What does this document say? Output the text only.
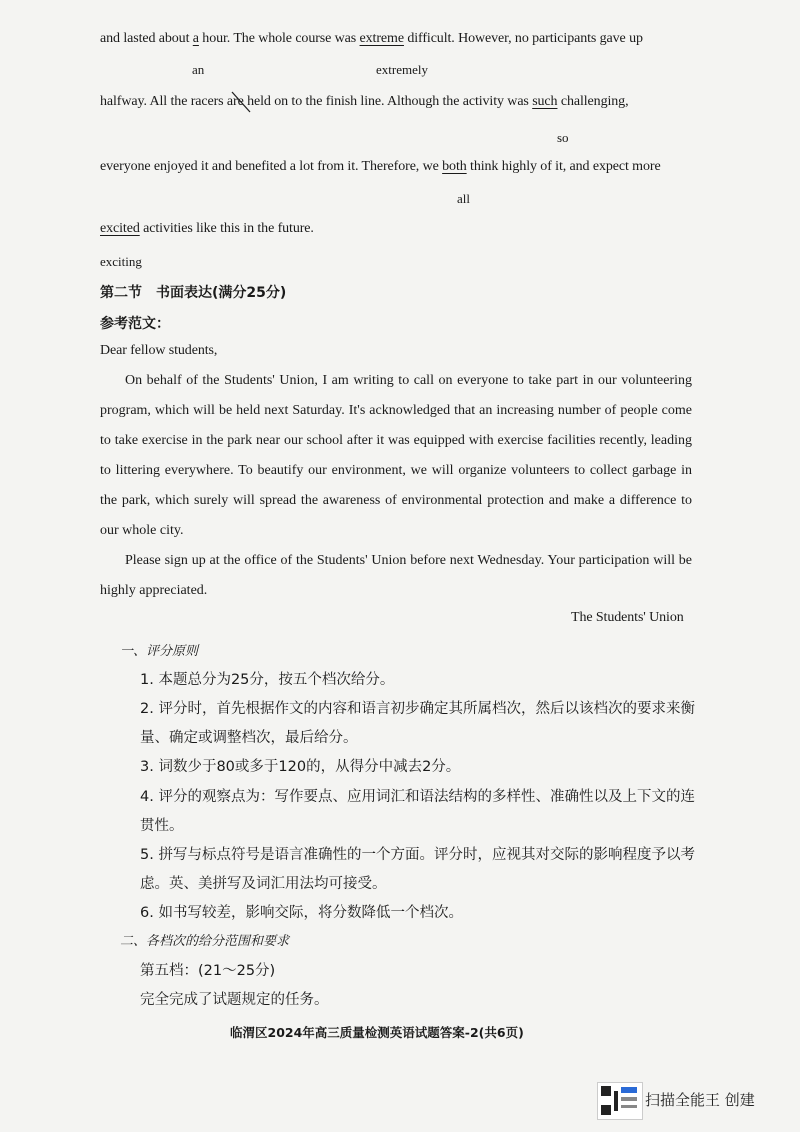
and lasted about a hour. The whole course was extreme difficult. However, no participants gave up
an	extremely
halfway. All the racers are held on to the finish line. Although the activity was such challenging,
so
everyone enjoyed it and benefited a lot from it. Therefore, we both think highly of it, and expect more
all
excited activities like this in the future.
exciting
第二节　书面表达(满分25分)
参考范文：
Dear fellow students,
On behalf of the Students' Union, I am writing to call on everyone to take part in our volunteering program, which will be held next Saturday. It's acknowledged that an increasing number of people come to take exercise in the park near our school after it was equipped with exercise facilities recently, leading to littering everywhere. To beautify our environment, we will organize volunteers to collect garbage in the park, which surely will spread the awareness of environmental protection and make a difference to our whole city.
Please sign up at the office of the Students' Union before next Wednesday. Your participation will be highly appreciated.
The Students' Union
一、评分原则
1. 本题总分为25分，按五个档次给分。
2. 评分时，首先根据作文的内容和语言初步确定其所属档次，然后以该档次的要求来衡量、确定或调整档次，最后给分。
3. 词数少于80或多于120的，从得分中减去2分。
4. 评分的观察点为：写作要点、应用词汇和语法结构的多样性、准确性以及上下文的连贯性。
5. 拼写与标点符号是语言准确性的一个方面。评分时，应视其对交际的影响程度予以考虑。英、美拼写及词汇用法均可接受。
6. 如书写较差，影响交际，将分数降低一个档次。
二、各档次的给分范围和要求
第五档：(21～25分)
完全完成了试题规定的任务。
临渭区2024年高三质量检测英语试题答案-2(共6页)
扫描全能王 创建
